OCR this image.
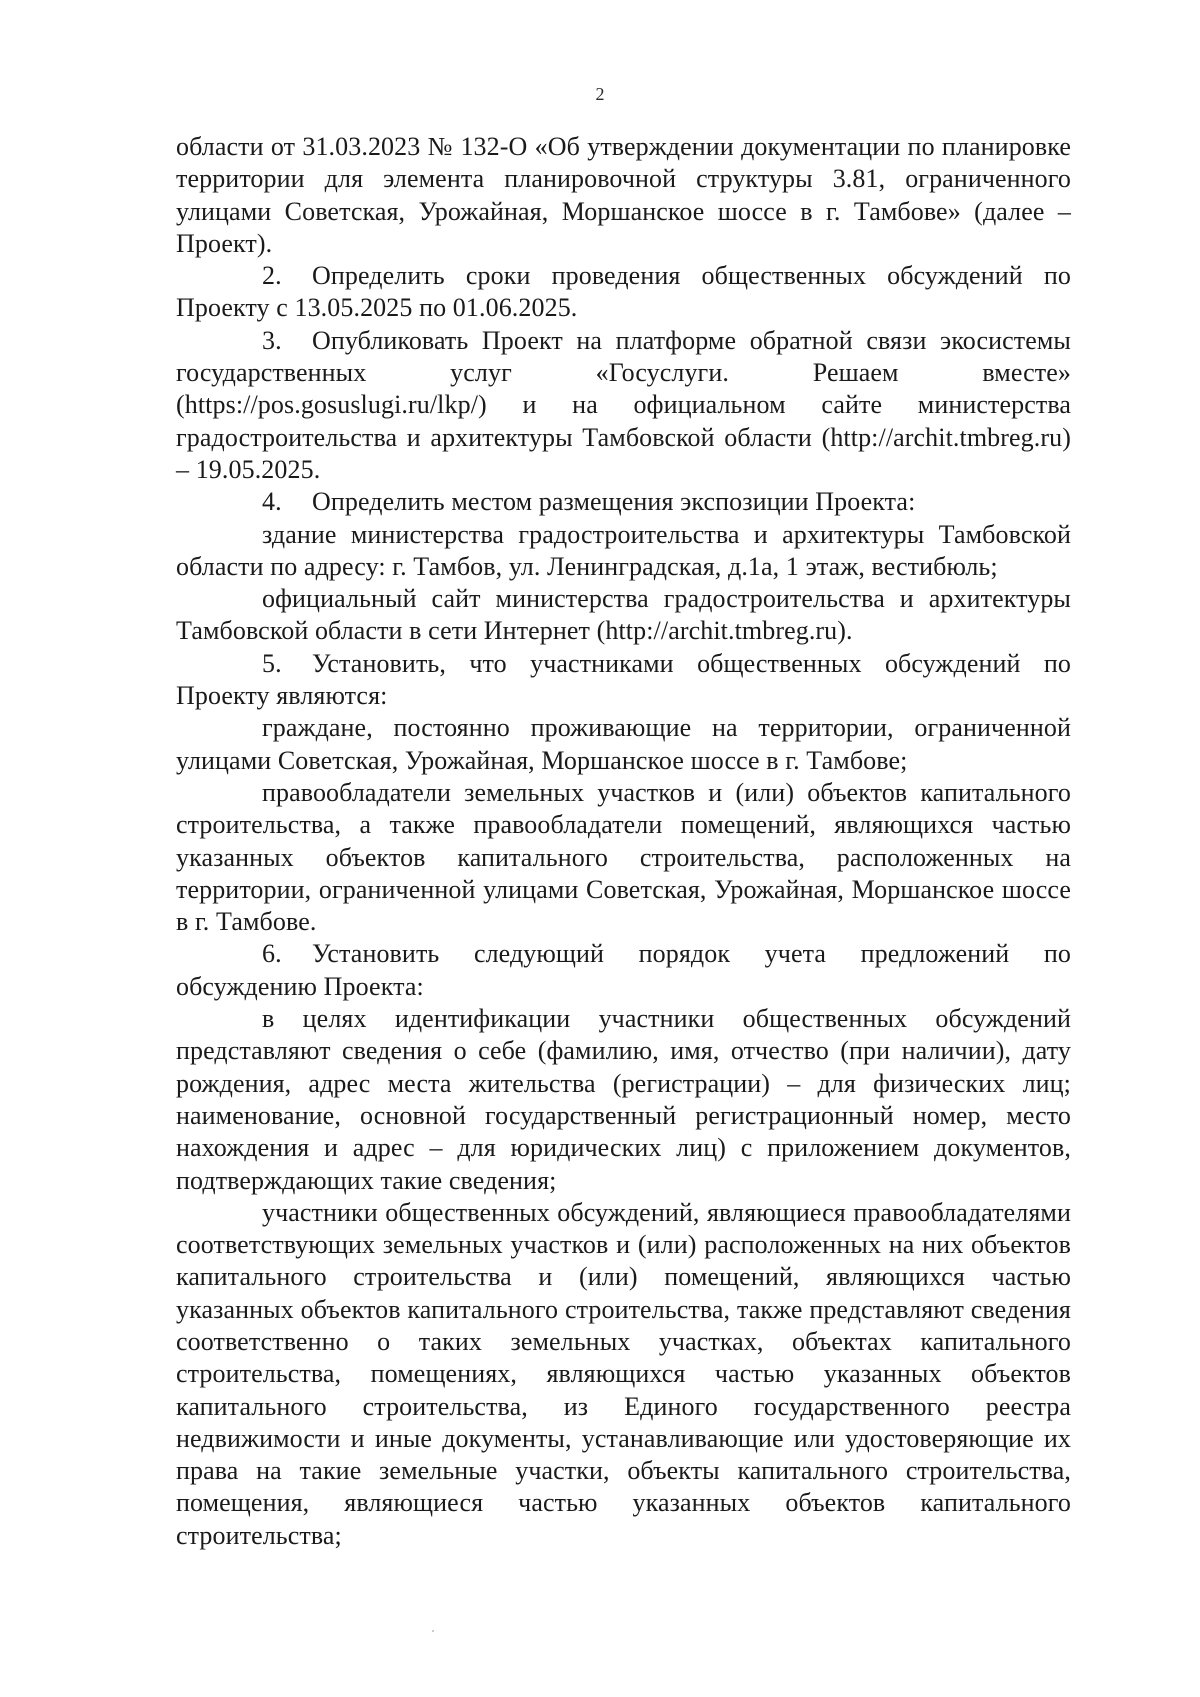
2

области от 31.03.2023 № 132-О «Об утверждении документации по планировке территории для элемента планировочной структуры 3.81, ограниченного улицами Советская, Урожайная, Моршанское шоссе в г. Тамбове» (далее – Проект).

2. Определить сроки проведения общественных обсуждений по Проекту с 13.05.2025 по 01.06.2025.

3. Опубликовать Проект на платформе обратной связи экосистемы государственных услуг «Госуслуги. Решаем вместе» (https://pos.gosuslugi.ru/lkp/) и на официальном сайте министерства градостроительства и архитектуры Тамбовской области (http://archit.tmbreg.ru) – 19.05.2025.

4. Определить местом размещения экспозиции Проекта:

здание министерства градостроительства и архитектуры Тамбовской области по адресу: г. Тамбов, ул. Ленинградская, д.1а, 1 этаж, вестибюль;

официальный сайт министерства градостроительства и архитектуры Тамбовской области в сети Интернет (http://archit.tmbreg.ru).

5. Установить, что участниками общественных обсуждений по Проекту являются:

граждане, постоянно проживающие на территории, ограниченной улицами Советская, Урожайная, Моршанское шоссе в г. Тамбове;

правообладатели земельных участков и (или) объектов капитального строительства, а также правообладатели помещений, являющихся частью указанных объектов капитального строительства, расположенных на территории, ограниченной улицами Советская, Урожайная, Моршанское шоссе в г. Тамбове.

6. Установить следующий порядок учета предложений по обсуждению Проекта:

в целях идентификации участники общественных обсуждений представляют сведения о себе (фамилию, имя, отчество (при наличии), дату рождения, адрес места жительства (регистрации) – для физических лиц; наименование, основной государственный регистрационный номер, место нахождения и адрес – для юридических лиц) с приложением документов, подтверждающих такие сведения;

участники общественных обсуждений, являющиеся правообладателями соответствующих земельных участков и (или) расположенных на них объектов капитального строительства и (или) помещений, являющихся частью указанных объектов капитального строительства, также представляют сведения соответственно о таких земельных участках, объектах капитального строительства, помещениях, являющихся частью указанных объектов капитального строительства, из Единого государственного реестра недвижимости и иные документы, устанавливающие или удостоверяющие их права на такие земельные участки, объекты капитального строительства, помещения, являющиеся частью указанных объектов капитального строительства;
